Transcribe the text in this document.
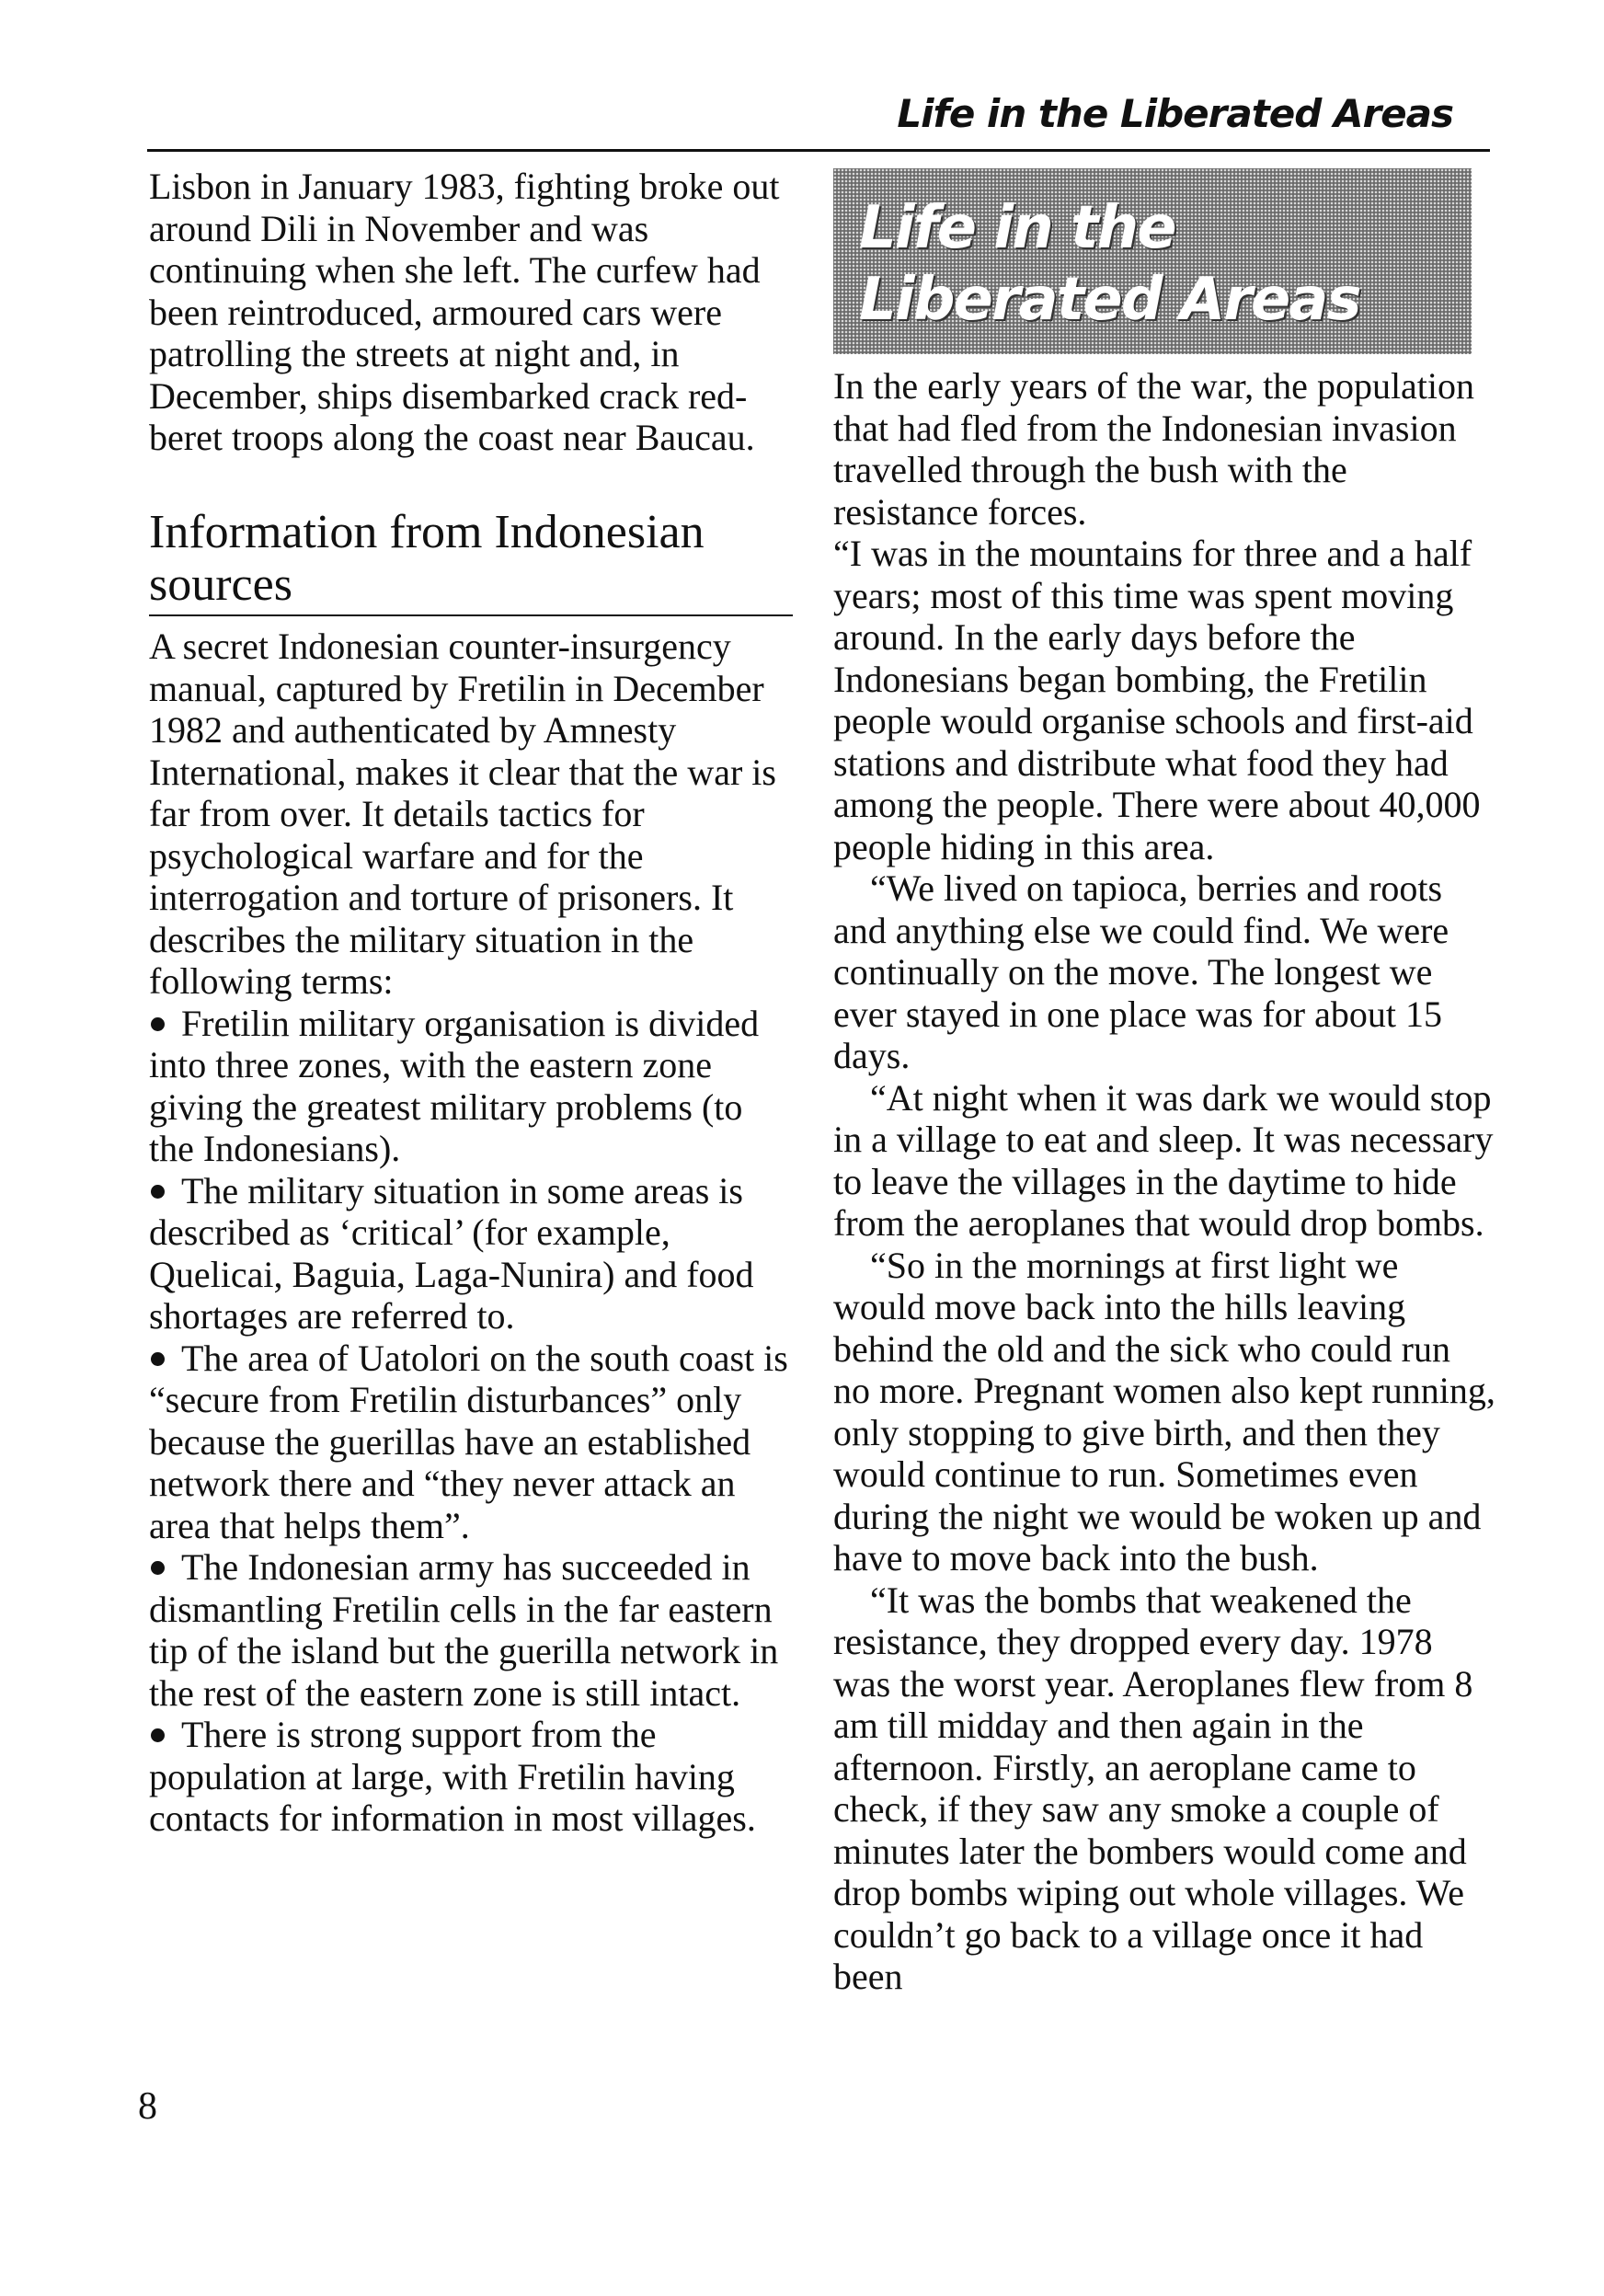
Life in the Liberated Areas

Lisbon in January 1983, fighting broke out around Dili in November and was continuing when she left. The curfew had been reintroduced, armoured cars were patrolling the streets at night and, in December, ships disembarked crack red-beret troops along the coast near Baucau.

Information from Indonesian sources

A secret Indonesian counter-insurgency manual, captured by Fretilin in December 1982 and authenticated by Amnesty International, makes it clear that the war is far from over. It details tactics for psychological warfare and for the interrogation and torture of prisoners. It describes the military situation in the following terms:

Fretilin military organisation is divided into three zones, with the eastern zone giving the greatest military problems (to the Indonesians).

The military situation in some areas is described as ‘critical’ (for example, Quelicai, Baguia, Laga-Nunira) and food shortages are referred to.

The area of Uatolori on the south coast is “secure from Fretilin disturbances” only because the guerillas have an established network there and “they never attack an area that helps them”.

The Indonesian army has succeeded in dismantling Fretilin cells in the far eastern tip of the island but the guerilla network in the rest of the eastern zone is still intact.

There is strong support from the population at large, with Fretilin having contacts for information in most villages.

Life in the
Liberated Areas

In the early years of the war, the population that had fled from the Indonesian invasion travelled through the bush with the resistance forces.

“I was in the mountains for three and a half years; most of this time was spent moving around. In the early days before the Indonesians began bombing, the Fretilin people would organise schools and first-aid stations and distribute what food they had among the people. There were about 40,000 people hiding in this area.

“We lived on tapioca, berries and roots and anything else we could find. We were continually on the move. The longest we ever stayed in one place was for about 15 days.

“At night when it was dark we would stop in a village to eat and sleep. It was necessary to leave the villages in the daytime to hide from the aeroplanes that would drop bombs.

“So in the mornings at first light we would move back into the hills leaving behind the old and the sick who could run no more. Pregnant women also kept running, only stopping to give birth, and then they would continue to run. Sometimes even during the night we would be woken up and have to move back into the bush.

“It was the bombs that weakened the resistance, they dropped every day. 1978 was the worst year. Aeroplanes flew from 8 am till midday and then again in the afternoon. Firstly, an aeroplane came to check, if they saw any smoke a couple of minutes later the bombers would come and drop bombs wiping out whole villages. We couldn’t go back to a village once it had been

8
